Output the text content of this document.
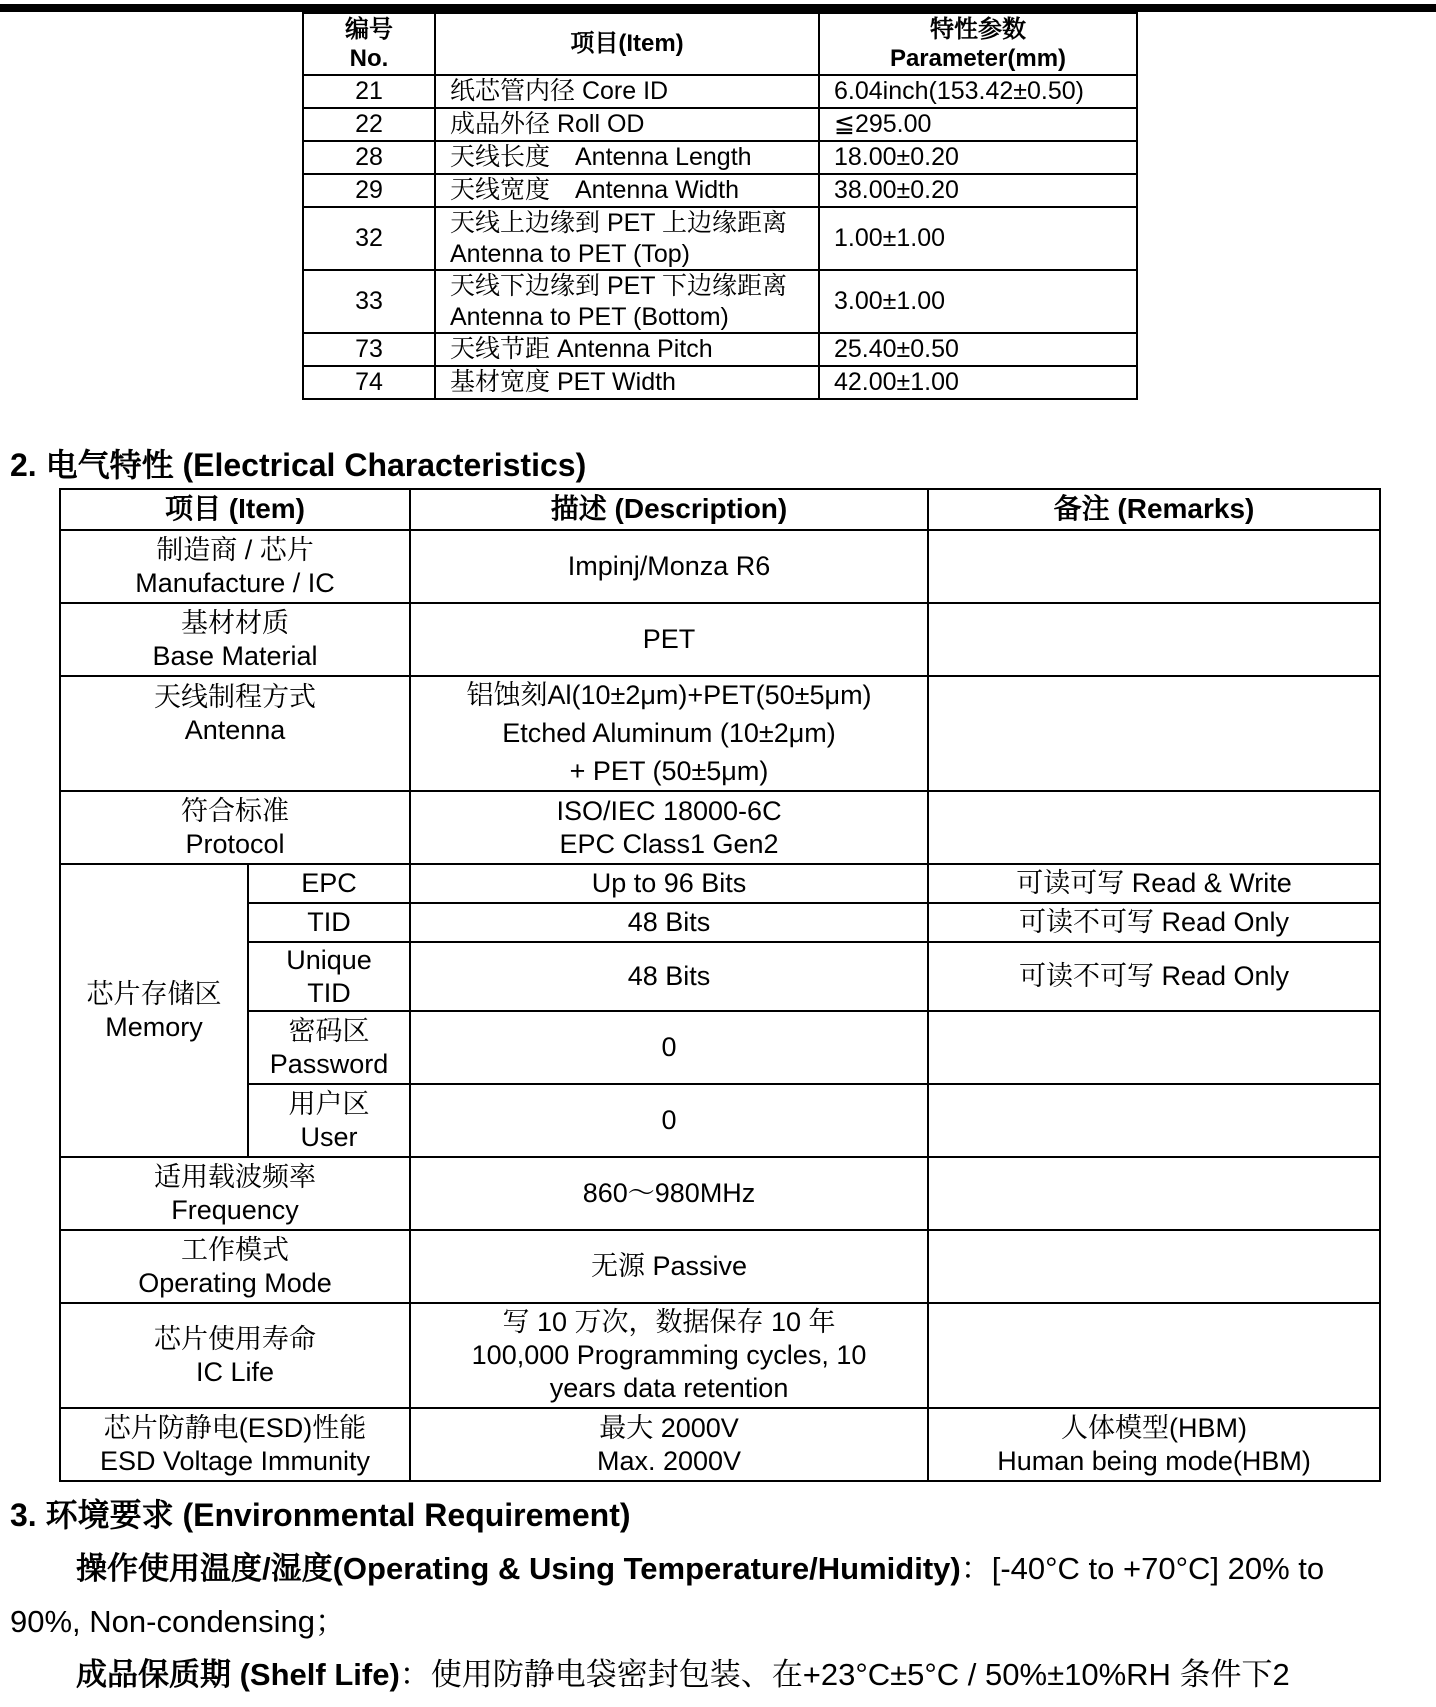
编号
No.	项目(Item)	特性参数
Parameter(mm)

21	纸芯管内径 Core ID	6.04inch(153.42±0.50)
22	成品外径 Roll OD	≦295.00
28	天线长度　Antenna Length	18.00±0.20
29	天线宽度　Antenna Width	38.00±0.20
32	天线上边缘到 PET 上边缘距离
Antenna to PET (Top)	1.00±1.00
33	天线下边缘到 PET 下边缘距离
Antenna to PET (Bottom)	3.00±1.00
73	天线节距 Antenna Pitch	25.40±0.50
74	基材宽度 PET Width	42.00±1.00
2. 电气特性 (Electrical Characteristics)
项目 (Item)		描述 (Description)	备注 (Remarks)

制造商 / 芯片
Manufacture / IC		Impinj/Monza R6	

基材材质
Base Material		PET	

天线制程方式
Antenna		铝蚀刻Al(10±2μm)+PET(50±5μm)
Etched Aluminum (10±2μm)
+ PET (50±5μm)	

符合标准
Protocol		ISO/IEC 18000-6C
EPC Class1 Gen2	

芯片存储区
Memory	EPC	Up to 96 Bits	可读可写 Read & Write
	TID	48 Bits	可读不可写 Read Only

	Unique
TID	48 Bits	可读不可写 Read Only

	密码区
Password	0	

	用户区
User	0	

适用载波频率
Frequency		860～980MHz	

工作模式
Operating Mode		无源 Passive	

芯片使用寿命
IC Life		写 10 万次，数据保存 10 年
100,000 Programming cycles, 10
years data retention	

芯片防静电(ESD)性能
ESD Voltage Immunity		最大 2000V
Max. 2000V	人体模型(HBM)
Human being mode(HBM)
3. 环境要求 (Environmental Requirement)

操作使用温度/湿度(Operating & Using Temperature/Humidity)：[-40°C to +70°C] 20% to

90%, Non-condensing；

成品保质期 (Shelf Life)：使用防静电袋密封包装、在+23°C±5°C / 50%±10%RH 条件下2
